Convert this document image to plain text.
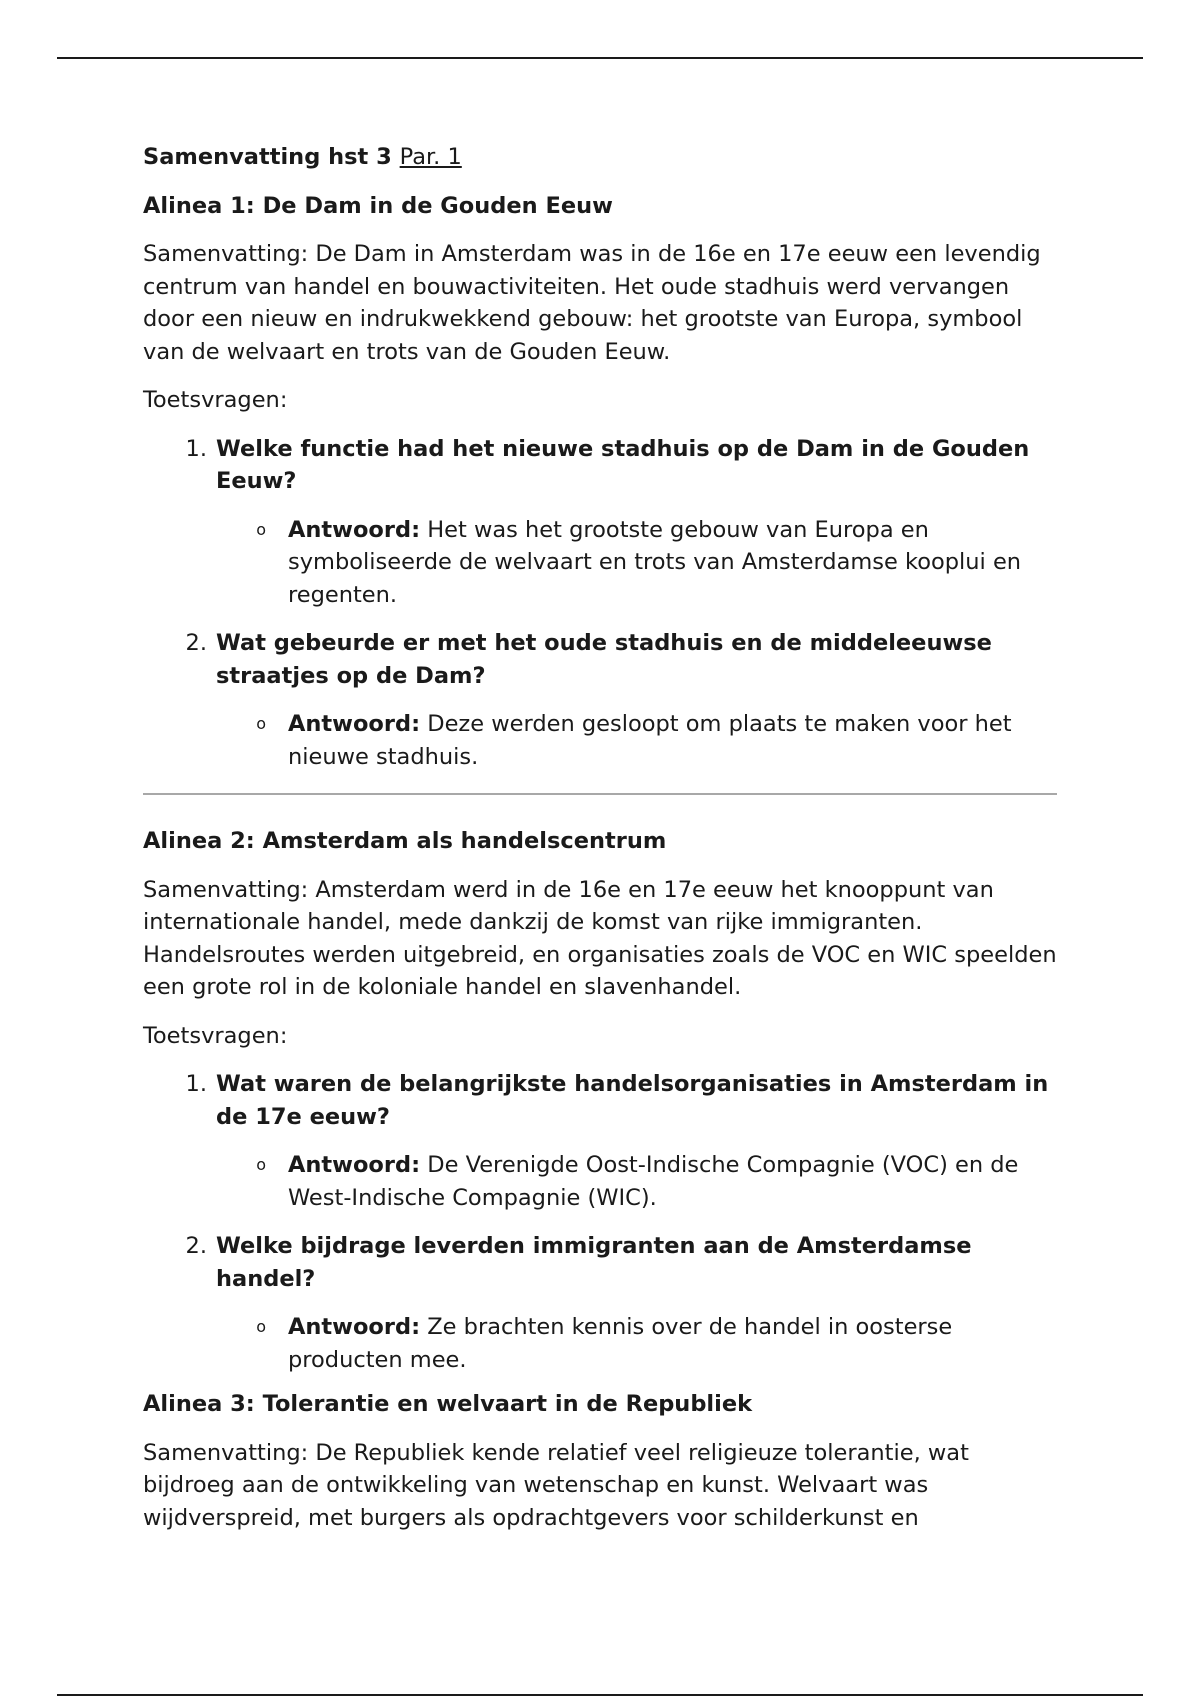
Samenvatting hst 3 Par. 1

Alinea 1: De Dam in de Gouden Eeuw

Samenvatting: De Dam in Amsterdam was in de 16e en 17e eeuw een levendig centrum van handel en bouwactiviteiten. Het oude stadhuis werd vervangen door een nieuw en indrukwekkend gebouw: het grootste van Europa, symbool van de welvaart en trots van de Gouden Eeuw.

Toetsvragen:

1. Welke functie had het nieuwe stadhuis op de Dam in de Gouden Eeuw?
o Antwoord: Het was het grootste gebouw van Europa en symboliseerde de welvaart en trots van Amsterdamse kooplui en regenten.
2. Wat gebeurde er met het oude stadhuis en de middeleeuwse straatjes op de Dam?
o Antwoord: Deze werden gesloopt om plaats te maken voor het nieuwe stadhuis.

Alinea 2: Amsterdam als handelscentrum

Samenvatting: Amsterdam werd in de 16e en 17e eeuw het knooppunt van internationale handel, mede dankzij de komst van rijke immigranten. Handelsroutes werden uitgebreid, en organisaties zoals de VOC en WIC speelden een grote rol in de koloniale handel en slavenhandel.

Toetsvragen:

1. Wat waren de belangrijkste handelsorganisaties in Amsterdam in de 17e eeuw?
o Antwoord: De Verenigde Oost-Indische Compagnie (VOC) en de West-Indische Compagnie (WIC).
2. Welke bijdrage leverden immigranten aan de Amsterdamse handel?
o Antwoord: Ze brachten kennis over de handel in oosterse producten mee.

Alinea 3: Tolerantie en welvaart in de Republiek

Samenvatting: De Republiek kende relatief veel religieuze tolerantie, wat bijdroeg aan de ontwikkeling van wetenschap en kunst. Welvaart was wijdverspreid, met burgers als opdrachtgevers voor schilderkunst en
